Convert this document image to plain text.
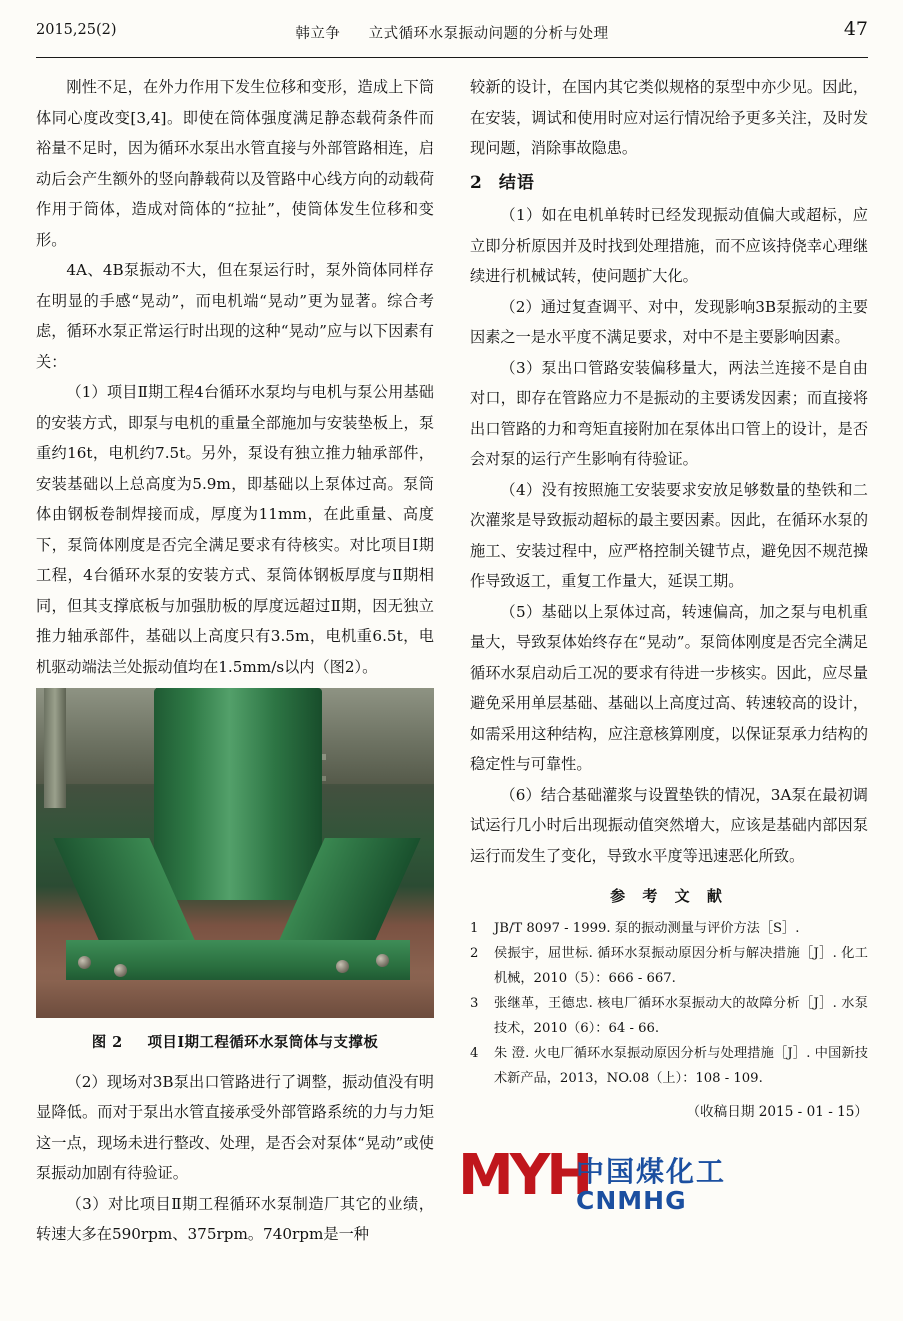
2015,25(2)	韩立争 立式循环水泵振动问题的分析与处理	47

刚性不足，在外力作用下发生位移和变形，造成上下筒体同心度改变[3,4]。即使在筒体强度满足静态载荷条件而裕量不足时，因为循环水泵出水管直接与外部管路相连，启动后会产生额外的竖向静载荷以及管路中心线方向的动载荷作用于筒体，造成对筒体的“拉扯”，使筒体发生位移和变形。

4A、4B泵振动不大，但在泵运行时，泵外筒体同样存在明显的手感“晃动”，而电机端“晃动”更为显著。综合考虑，循环水泵正常运行时出现的这种“晃动”应与以下因素有关：

（1）项目Ⅱ期工程4台循环水泵均与电机与泵公用基础的安装方式，即泵与电机的重量全部施加与安装垫板上，泵重约16t，电机约7.5t。另外，泵设有独立推力轴承部件，安装基础以上总高度为5.9m，即基础以上泵体过高。泵筒体由钢板卷制焊接而成，厚度为11mm，在此重量、高度下，泵筒体刚度是否完全满足要求有待核实。对比项目Ⅰ期工程，4台循环水泵的安装方式、泵筒体钢板厚度与Ⅱ期相同，但其支撑底板与加强肋板的厚度远超过Ⅱ期，因无独立推力轴承部件，基础以上高度只有3.5m，电机重6.5t，电机驱动端法兰处振动值均在1.5mm/s以内（图2）。

图 2 项目Ⅰ期工程循环水泵筒体与支撑板

（2）现场对3B泵出口管路进行了调整，振动值没有明显降低。而对于泵出水管直接承受外部管路系统的力与力矩这一点，现场未进行整改、处理，是否会对泵体“晃动”或使泵振动加剧有待验证。

（3）对比项目Ⅱ期工程循环水泵制造厂其它的业绩，转速大多在590rpm、375rpm。740rpm是一种

较新的设计，在国内其它类似规格的泵型中亦少见。因此，在安装，调试和使用时应对运行情况给予更多关注，及时发现问题，消除事故隐患。

2 结语

（1）如在电机单转时已经发现振动值偏大或超标，应立即分析原因并及时找到处理措施，而不应该持侥幸心理继续进行机械试转，使问题扩大化。

（2）通过复查调平、对中，发现影响3B泵振动的主要因素之一是水平度不满足要求，对中不是主要影响因素。

（3）泵出口管路安装偏移量大，两法兰连接不是自由对口，即存在管路应力不是振动的主要诱发因素；而直接将出口管路的力和弯矩直接附加在泵体出口管上的设计，是否会对泵的运行产生影响有待验证。

（4）没有按照施工安装要求安放足够数量的垫铁和二次灌浆是导致振动超标的最主要因素。因此，在循环水泵的施工、安装过程中，应严格控制关键节点，避免因不规范操作导致返工，重复工作量大，延误工期。

（5）基础以上泵体过高，转速偏高，加之泵与电机重量大，导致泵体始终存在“晃动”。泵筒体刚度是否完全满足循环水泵启动后工况的要求有待进一步核实。因此，应尽量避免采用单层基础、基础以上高度过高、转速较高的设计，如需采用这种结构，应注意核算刚度，以保证泵承力结构的稳定性与可靠性。

（6）结合基础灌浆与设置垫铁的情况，3A泵在最初调试运行几小时后出现振动值突然增大，应该是基础内部因泵运行而发生了变化，导致水平度等迅速恶化所致。

参 考 文 献
1	JB/T 8097 - 1999. 泵的振动测量与评价方法［S］.
2	侯振宇，屈世标. 循环水泵振动原因分析与解决措施［J］. 化工机械，2010（5）：666 - 667.
3	张继革，王德忠. 核电厂循环水泵振动大的故障分析［J］. 水泵技术，2010（6）：64 - 66.
4	朱 澄. 火电厂循环水泵振动原因分析与处理措施［J］. 中国新技术新产品，2013，NO.08（上）：108 - 109.
（收稿日期 2015 - 01 - 15）
MYH
中国煤化工
CNMHG
